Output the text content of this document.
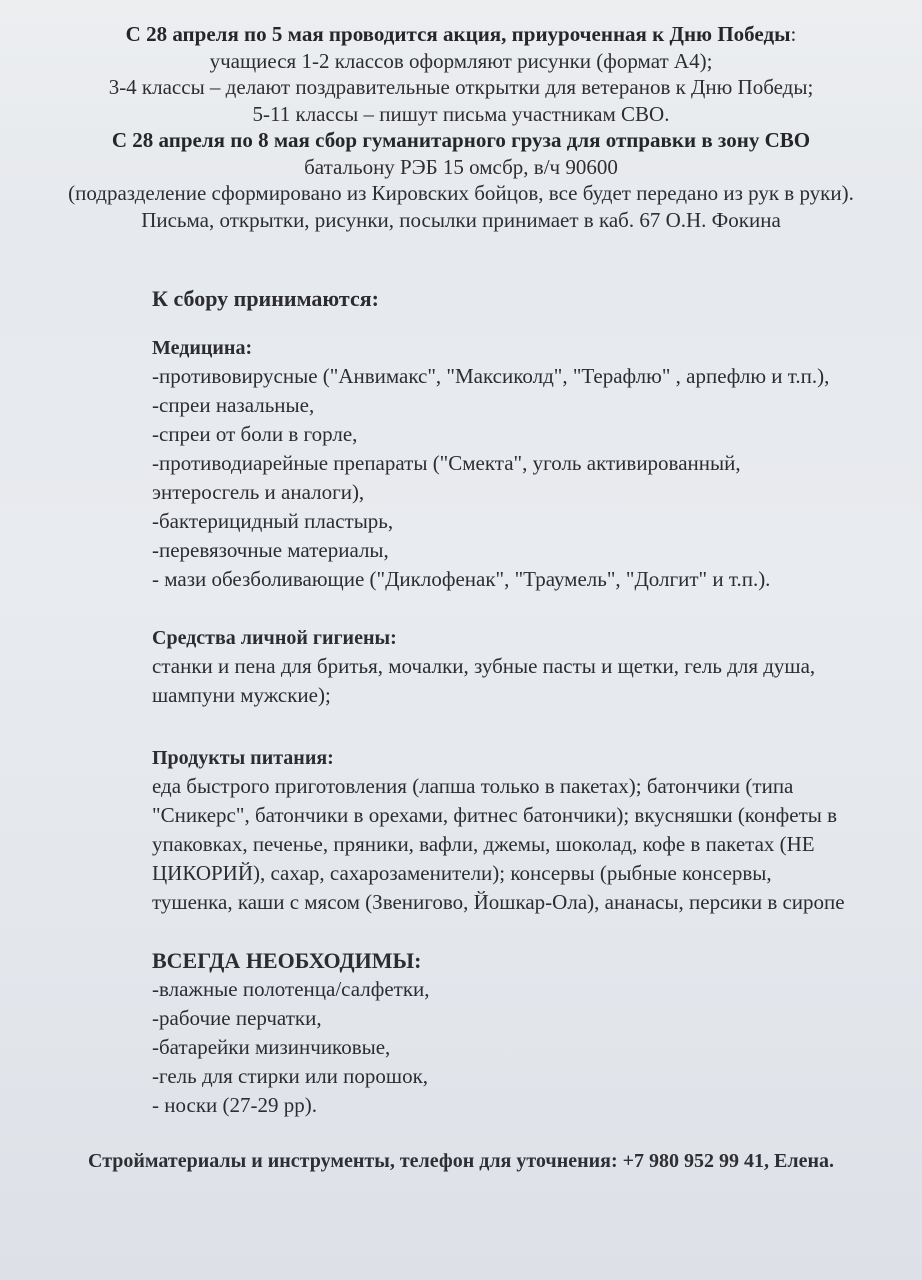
С 28 апреля по 5 мая проводится акция, приуроченная к Дню Победы:
учащиеся 1-2 классов оформляют рисунки (формат А4);
3-4 классы – делают поздравительные открытки для ветеранов к Дню Победы;
5-11 классы – пишут письма участникам СВО.
С 28 апреля по 8 мая сбор гуманитарного груза для отправки в зону СВО
батальону РЭБ 15 омсбр, в/ч 90600
(подразделение сформировано из Кировских бойцов, все будет передано из рук в руки).
Письма, открытки, рисунки, посылки принимает в каб. 67 О.Н. Фокина
К сбору принимаются:
Медицина:
-противовирусные ("Анвимакс", "Максиколд", "Терафлю" , арпефлю и т.п.),
-спреи назальные,
-спреи от боли в горле,
-противодиарейные препараты ("Смекта", уголь активированный,
энтеросгель и аналоги),
-бактерицидный пластырь,
-перевязочные материалы,
- мази обезболивающие ("Диклофенак", "Траумель", "Долгит" и т.п.).
Средства личной гигиены:
станки и пена для бритья, мочалки, зубные пасты и щетки, гель для душа,
шампуни мужские);
Продукты питания:
еда быстрого приготовления (лапша только в пакетах); батончики (типа
"Сникерс", батончики в орехами, фитнес батончики); вкусняшки (конфеты в
упаковках, печенье, пряники, вафли, джемы, шоколад, кофе в пакетах (НЕ
ЦИКОРИЙ), сахар, сахарозаменители); консервы (рыбные консервы,
тушенка, каши с мясом (Звенигово, Йошкар-Ола), ананасы, персики в сиропе
ВСЕГДА НЕОБХОДИМЫ:
-влажные полотенца/салфетки,
-рабочие перчатки,
-батарейки мизинчиковые,
-гель для стирки или порошок,
- носки (27-29 рр).
Стройматериалы и инструменты, телефон для уточнения: +7 980 952 99 41, Елена.
